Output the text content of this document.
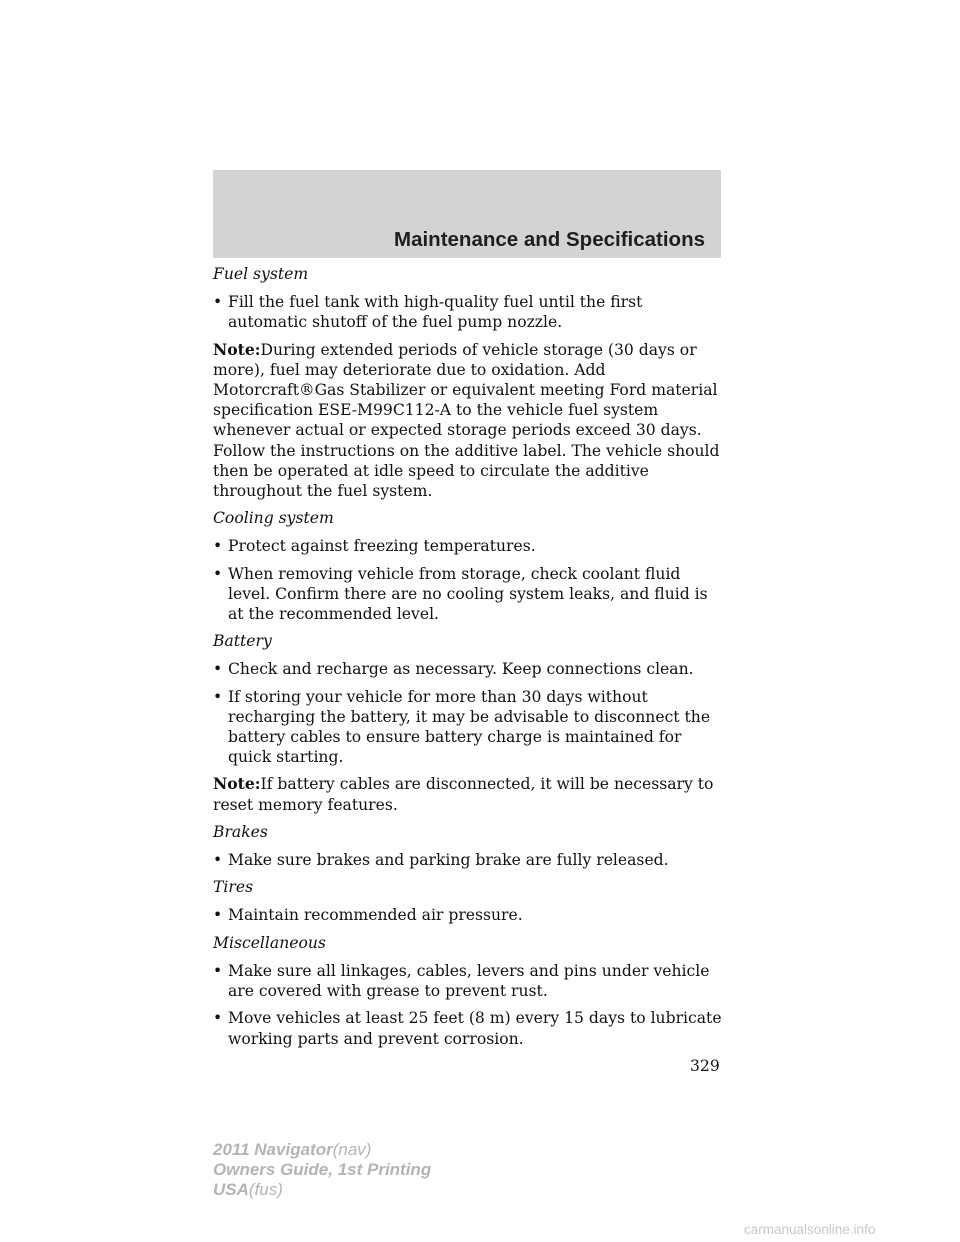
Maintenance and Specifications

Fuel system

• Fill the fuel tank with high-quality fuel until the first automatic shutoff of the fuel pump nozzle.

Note:During extended periods of vehicle storage (30 days or more), fuel may deteriorate due to oxidation. Add Motorcraft®Gas Stabilizer or equivalent meeting Ford material specification ESE-M99C112-A to the vehicle fuel system whenever actual or expected storage periods exceed 30 days. Follow the instructions on the additive label. The vehicle should then be operated at idle speed to circulate the additive throughout the fuel system.

Cooling system

• Protect against freezing temperatures.
• When removing vehicle from storage, check coolant fluid level. Confirm there are no cooling system leaks, and fluid is at the recommended level.

Battery

• Check and recharge as necessary. Keep connections clean.
• If storing your vehicle for more than 30 days without recharging the battery, it may be advisable to disconnect the battery cables to ensure battery charge is maintained for quick starting.

Note:If battery cables are disconnected, it will be necessary to reset memory features.

Brakes

• Make sure brakes and parking brake are fully released.

Tires

• Maintain recommended air pressure.

Miscellaneous

• Make sure all linkages, cables, levers and pins under vehicle are covered with grease to prevent rust.
• Move vehicles at least 25 feet (8 m) every 15 days to lubricate working parts and prevent corrosion.
329
2011 Navigator(nav)
Owners Guide, 1st Printing
USA(fus)
carmanualsonline.info
